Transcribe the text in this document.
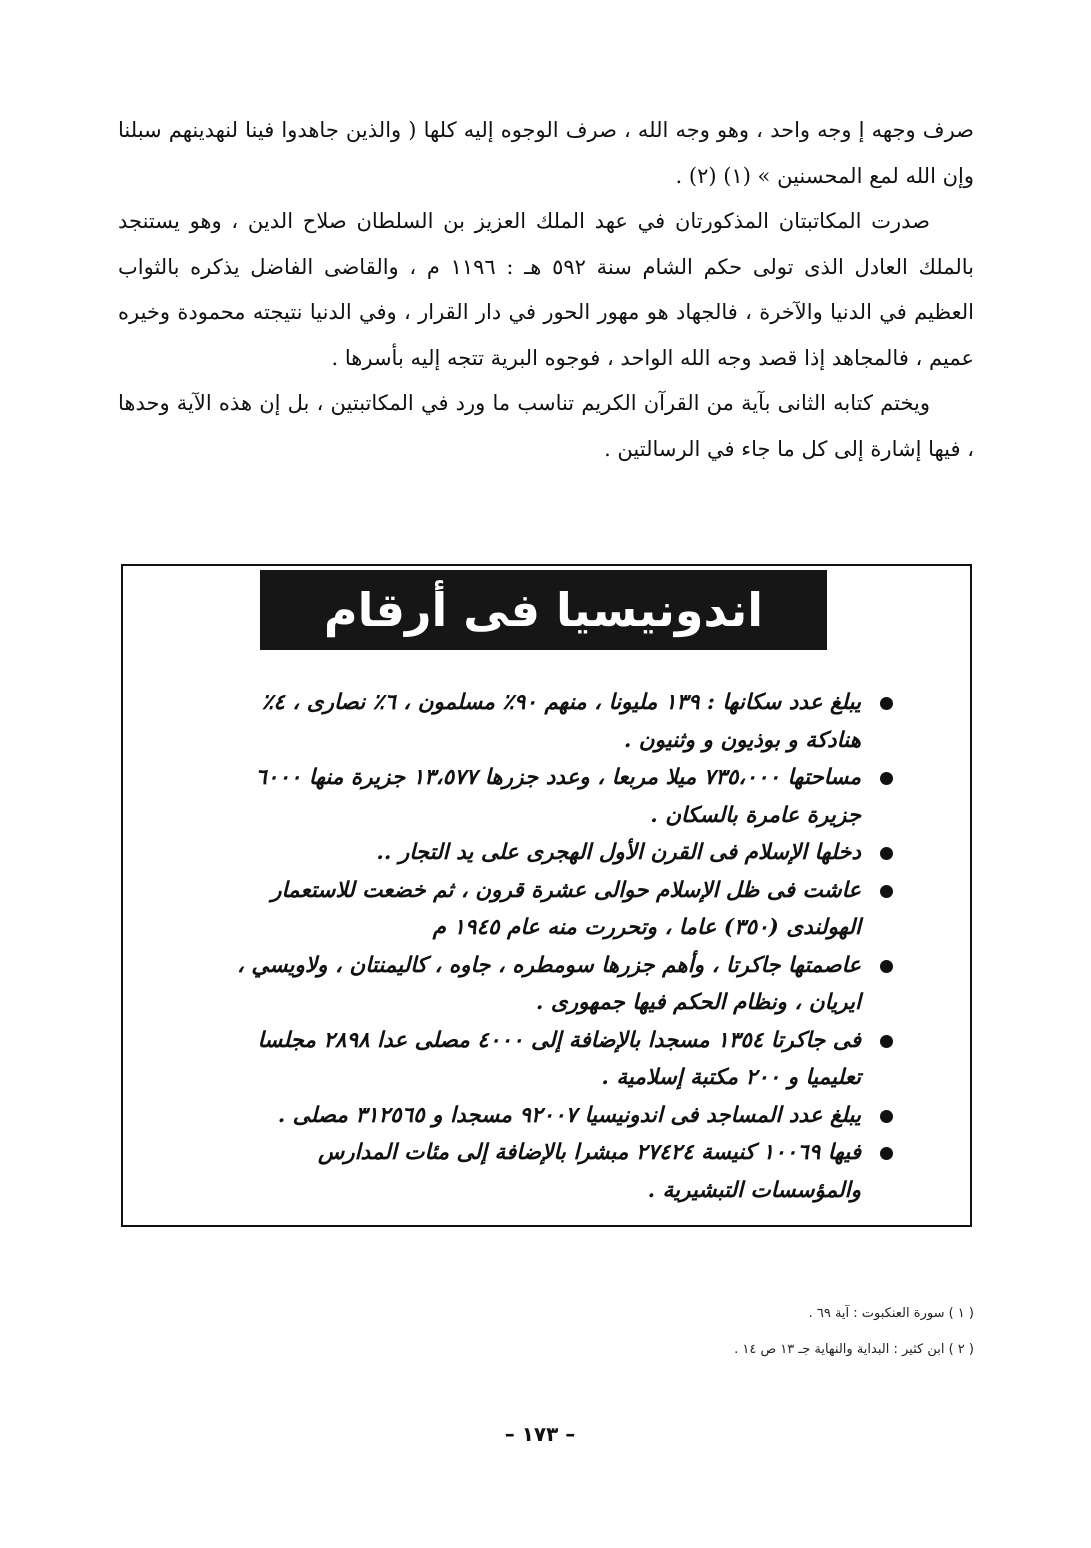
صرف وجهه إ وجه واحد ، وهو وجه الله ، صرف الوجوه إليه كلها ( والذين جاهدوا فينا لنهدينهم سبلنا وإن الله لمع المحسنين » (١) (٢) .

صدرت المكاتبتان المذكورتان في عهد الملك العزيز بن السلطان صلاح الدين ، وهو يستنجد بالملك العادل الذى تولى حكم الشام سنة ٥٩٢ هـ : ١١٩٦ م ، والقاضى الفاضل يذكره بالثواب العظيم في الدنيا والآخرة ، فالجهاد هو مهور الحور في دار القرار ، وفي الدنيا نتيجته محمودة وخيره عميم ، فالمجاهد إذا قصد وجه الله الواحد ، فوجوه البرية تتجه إليه بأسرها .

ويختم كتابه الثانى بآية من القرآن الكريم تناسب ما ورد في المكاتبتين ، بل إن هذه الآية وحدها ، فيها إشارة إلى كل ما جاء في الرسالتين .

اندونيسيا فى أرقام
يبلغ عدد سكانها : ١٣٩ مليونا ، منهم ٩٠٪ مسلمون ، ٦٪ نصارى ، ٤٪ هنادكة و بوذيون و وثنيون .
مساحتها ٧٣٥،٠٠٠ ميلا مربعا ، وعدد جزرها ١٣،٥٧٧ جزيرة منها ٦٠٠٠ جزيرة عامرة بالسكان .
دخلها الإسلام فى القرن الأول الهجرى على يد التجار ..
عاشت فى ظل الإسلام حوالى عشرة قرون ، ثم خضعت للاستعمار الهولندى (٣٥٠) عاما ، وتحررت منه عام ١٩٤٥ م
عاصمتها جاكرتا ، وأهم جزرها سومطره ، جاوه ، كاليمنتان ، ولاويسي ، ايريان ، ونظام الحكم فيها جمهورى .
فى جاكرتا ١٣٥٤ مسجدا بالإضافة إلى ٤٠٠٠ مصلى عدا ٢٨٩٨ مجلسا تعليميا و ٢٠٠ مكتبة إسلامية .
يبلغ عدد المساجد فى اندونيسيا ٩٢٠٠٧ مسجدا و ٣١٢٥٦٥ مصلى .
فيها ١٠٠٦٩ كنيسة ٢٧٤٢٤ مبشرا بالإضافة إلى مئات المدارس والمؤسسات التبشيرية .
( ١ ) سورة العنكبوت : آية ٦٩ .
( ٢ ) ابن كثير : البداية والنهاية جـ ١٣ ص ١٤ .
– ١٧٣ –
